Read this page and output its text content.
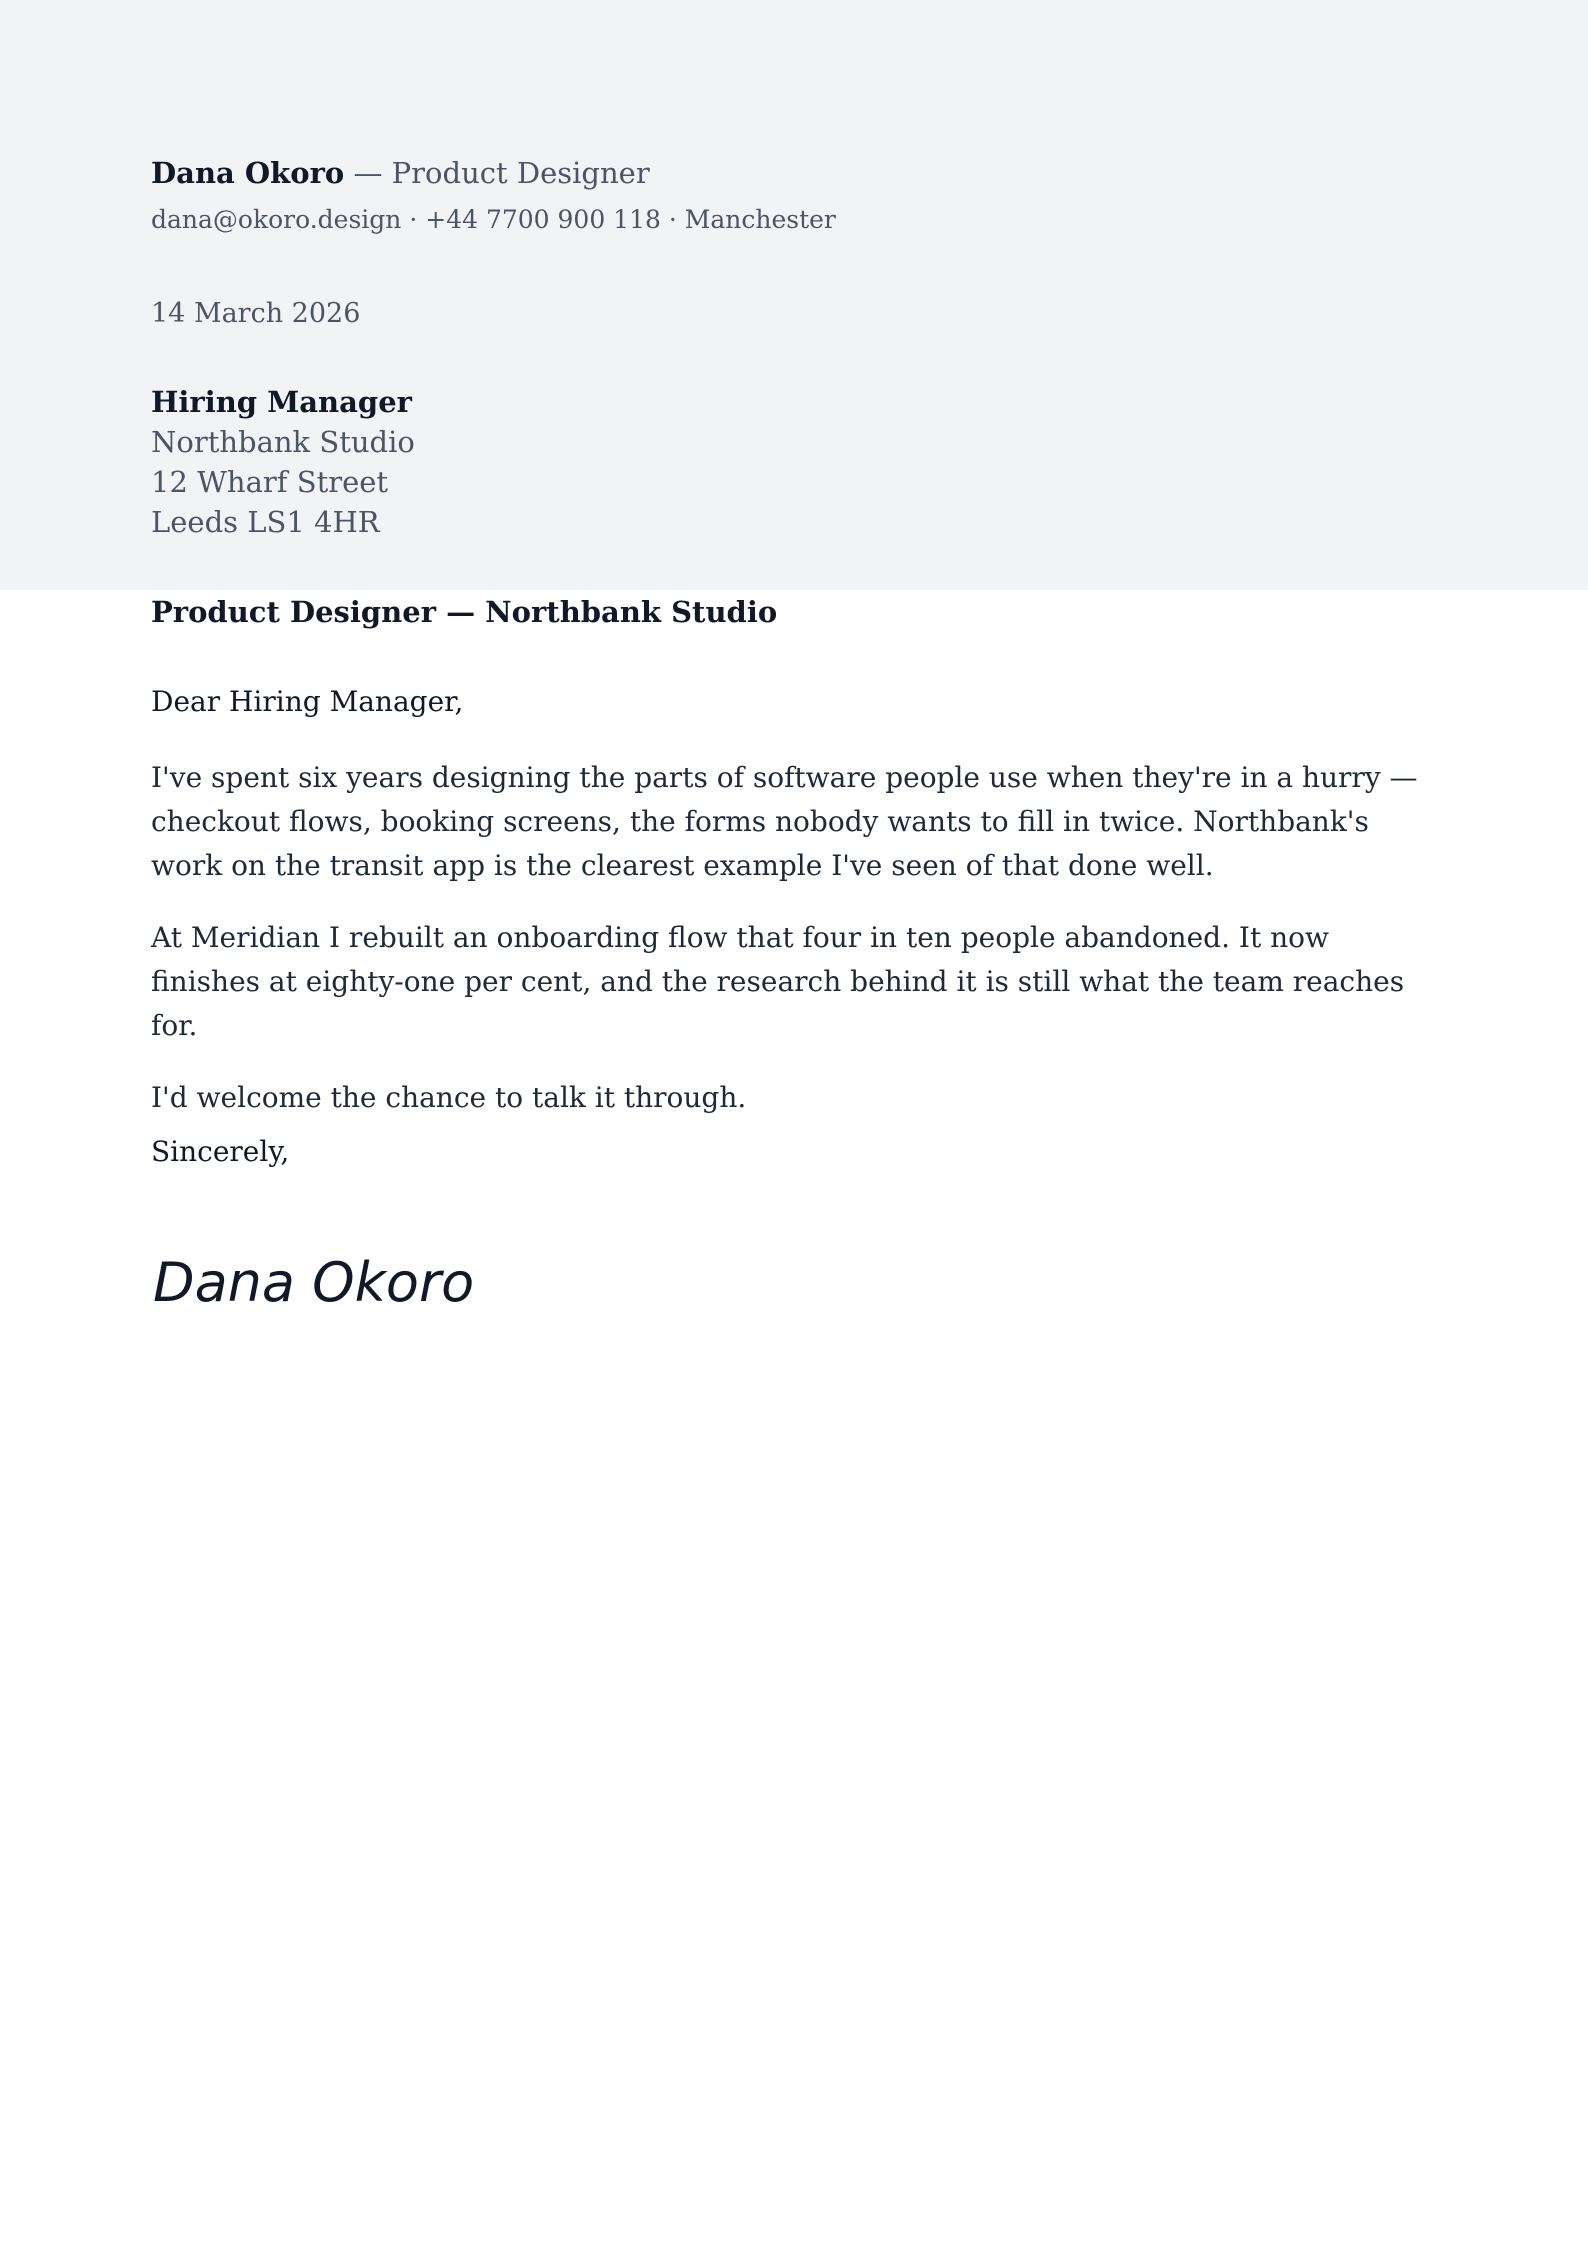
Dana Okoro — Product Designer
dana@okoro.design · +44 7700 900 118 · Manchester
14 March 2026
Hiring Manager
Northbank Studio
12 Wharf Street
Leeds LS1 4HR
Product Designer — Northbank Studio
Dear Hiring Manager,

I've spent six years designing the parts of software people use when they're in a hurry — checkout flows, booking screens, the forms nobody wants to fill in twice. Northbank's work on the transit app is the clearest example I've seen of that done well.

At Meridian I rebuilt an onboarding flow that four in ten people abandoned. It now finishes at eighty-one per cent, and the research behind it is still what the team reaches for.

I'd welcome the chance to talk it through.

Sincerely,
Dana Okoro
